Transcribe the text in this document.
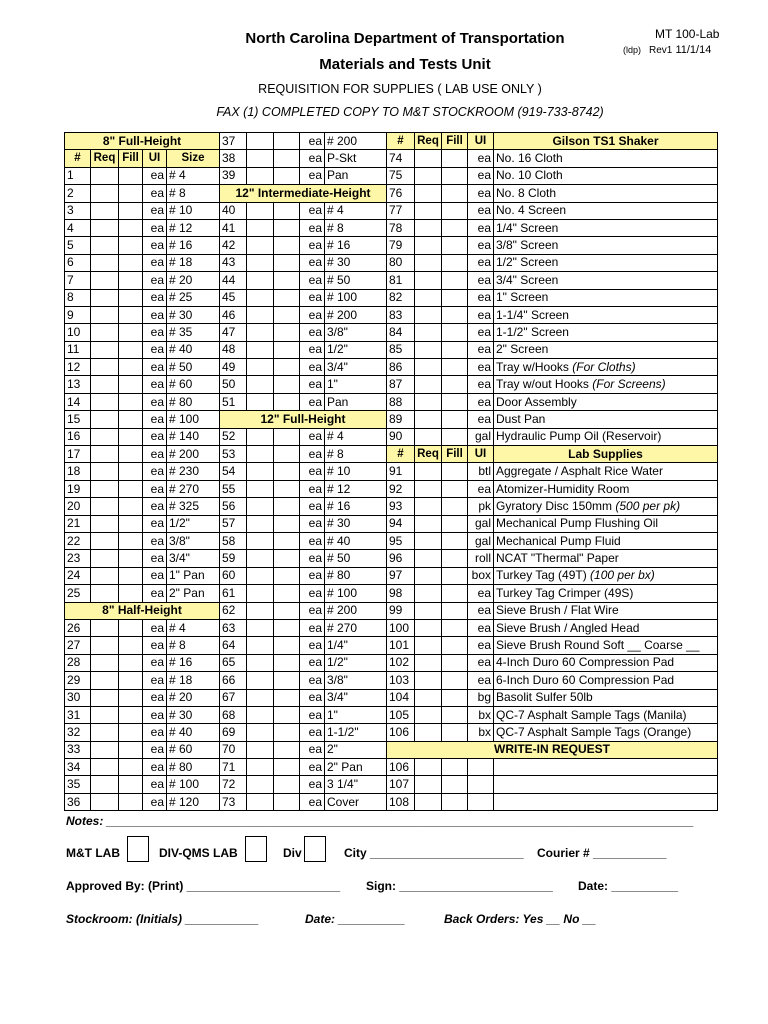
North Carolina Department of Transportation
Materials and Tests Unit
MT 100-Lab
(ldp) Rev1 11/1/14
REQUISITION FOR SUPPLIES ( LAB USE ONLY )
FAX (1) COMPLETED COPY TO M&T STOCKROOM (919-733-8742)
8" Full-Height				
#	Req	Fill	UI	Size
1			ea	# 4
2			ea	# 8
3			ea	# 10
4			ea	# 12
5			ea	# 16
6			ea	# 18
7			ea	# 20
8			ea	# 25
9			ea	# 30
10			ea	# 35
11			ea	# 40
12			ea	# 50
13			ea	# 60
14			ea	# 80
15			ea	# 100
16			ea	# 140
17			ea	# 200
18			ea	# 230
19			ea	# 270
20			ea	# 325
21			ea	1/2"
22			ea	3/8"
23			ea	3/4"
24			ea	1" Pan
25			ea	2" Pan
8" Half-Height				
26			ea	# 4
27			ea	# 8
28			ea	# 16
29			ea	# 18
30			ea	# 20
31			ea	# 30
32			ea	# 40
33			ea	# 60
34			ea	# 80
35			ea	# 100
36			ea	# 120
37			ea	# 200
38			ea	P-Skt
39			ea	Pan
12" Intermediate-Height				
40			ea	# 4
41			ea	# 8
42			ea	# 16
43			ea	# 30
44			ea	# 50
45			ea	# 100
46			ea	# 200
47			ea	3/8"
48			ea	1/2"
49			ea	3/4"
50			ea	1"
51			ea	Pan
12" Full-Height				
52			ea	# 4
53			ea	# 8
54			ea	# 10
55			ea	# 12
56			ea	# 16
57			ea	# 30
58			ea	# 40
59			ea	# 50
60			ea	# 80
61			ea	# 100
62			ea	# 200
63			ea	# 270
64			ea	1/4"
65			ea	1/2"
66			ea	3/8"
67			ea	3/4"
68			ea	1"
69			ea	1-1/2"
70			ea	2"
71			ea	2" Pan
72			ea	3 1/4"
73			ea	Cover
#	Req	Fill	UI	Gilson TS1 Shaker
74			ea	No. 16 Cloth
75			ea	No. 10 Cloth
76			ea	No. 8 Cloth
77			ea	No. 4 Screen
78			ea	1/4" Screen
79			ea	3/8" Screen
80			ea	1/2" Screen
81			ea	3/4" Screen
82			ea	1" Screen
83			ea	1-1/4" Screen
84			ea	1-1/2" Screen
85			ea	2" Screen
86			ea	Tray w/Hooks (For Cloths)
87			ea	Tray w/out Hooks (For Screens)
88			ea	Door Assembly
89			ea	Dust Pan
90			gal	Hydraulic Pump Oil (Reservoir)
#	Req	Fill	UI	Lab Supplies
91			btl	Aggregate / Asphalt Rice Water
92			ea	Atomizer-Humidity Room
93			pk	Gyratory Disc 150mm (500 per pk)
94			gal	Mechanical Pump Flushing Oil
95			gal	Mechanical Pump Fluid
96			roll	NCAT "Thermal" Paper
97			box	Turkey Tag (49T) (100 per bx)
98			ea	Turkey Tag Crimper (49S)
99			ea	Sieve Brush / Flat Wire
100			ea	Sieve Brush / Angled Head
101			ea	Sieve Brush Round Soft __ Coarse __
102			ea	4-Inch Duro 60 Compression Pad
103			ea	6-Inch Duro 60 Compression Pad
104			bg	Basolit Sulfer 50lb
105			bx	QC-7 Asphalt Sample Tags (Manila)
106			bx	QC-7 Asphalt Sample Tags (Orange)
WRITE-IN REQUEST				
106				
107				
108				
Notes: ________________________________________________________________________________________
M&T LAB	DIV-QMS LAB	Div	City _______________________ Courier # ___________
Approved By: (Print) _______________________ Sign: _______________________ Date: __________
Stockroom: (Initials) ___________	Date: __________	Back Orders: Yes __ No __
